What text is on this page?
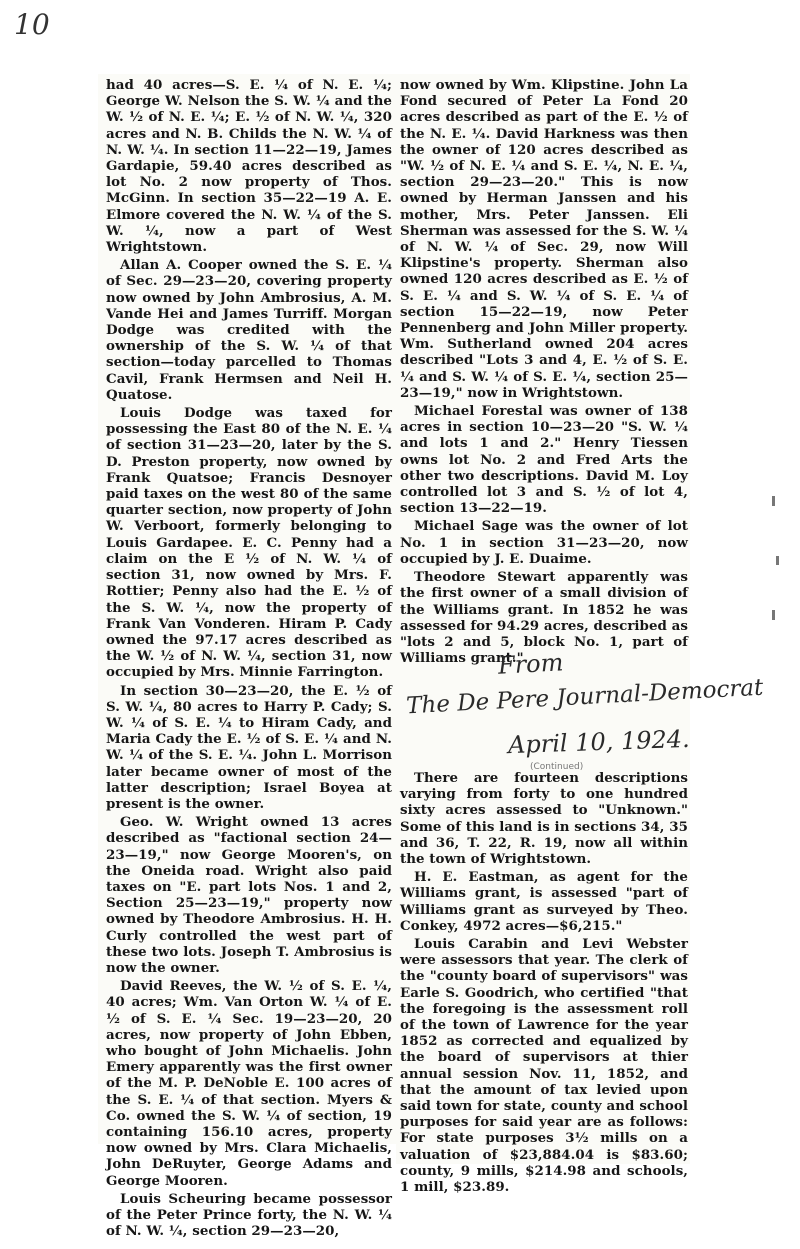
10

had 40 acres—S. E. ¼ of N. E. ¼; George W. Nelson the S. W. ¼ and the W. ½ of N. E. ¼; E. ½ of N. W. ¼, 320 acres and N. B. Childs the N. W. ¼ of N. W. ¼. In section 11—22—19, James Gardapie, 59.40 acres described as lot No. 2 now property of Thos. McGinn. In section 35—22—19 A. E. Elmore covered the N. W. ¼ of the S. W. ¼, now a part of West Wrightstown.

Allan A. Cooper owned the S. E. ¼ of Sec. 29—23—20, covering property now owned by John Ambrosius, A. M. Vande Hei and James Turriff. Morgan Dodge was credited with the ownership of the S. W. ¼ of that section—today parcelled to Thomas Cavil, Frank Hermsen and Neil H. Quatose.

Louis Dodge was taxed for possessing the East 80 of the N. E. ¼ of section 31—23—20, later by the S. D. Preston property, now owned by Frank Quatsoe; Francis Desnoyer paid taxes on the west 80 of the same quarter section, now property of John W. Verboort, formerly belonging to Louis Gardapee. E. C. Penny had a claim on the E ½ of N. W. ¼ of section 31, now owned by Mrs. F. Rottier; Penny also had the E. ½ of the S. W. ¼, now the property of Frank Van Vonderen. Hiram P. Cady owned the 97.17 acres described as the W. ½ of N. W. ¼, section 31, now occupied by Mrs. Minnie Farrington.

In section 30—23—20, the E. ½ of S. W. ¼, 80 acres to Harry P. Cady; S. W. ¼ of S. E. ¼ to Hiram Cady, and Maria Cady the E. ½ of S. E. ¼ and N. W. ¼ of the S. E. ¼. John L. Morrison later became owner of most of the latter description; Israel Boyea at present is the owner.

Geo. W. Wright owned 13 acres described as "factional section 24—23—19," now George Mooren's, on the Oneida road. Wright also paid taxes on "E. part lots Nos. 1 and 2, Section 25—23—19," property now owned by Theodore Ambrosius. H. H. Curly controlled the west part of these two lots. Joseph T. Ambrosius is now the owner.

David Reeves, the W. ½ of S. E. ¼, 40 acres; Wm. Van Orton W. ¼ of E. ½ of S. E. ¼ Sec. 19—23—20, 20 acres, now property of John Ebben, who bought of John Michaelis. John Emery apparently was the first owner of the M. P. DeNoble E. 100 acres of the S. E. ¼ of that section. Myers & Co. owned the S. W. ¼ of section, 19 containing 156.10 acres, property now owned by Mrs. Clara Michaelis, John DeRuyter, George Adams and George Mooren.

Louis Scheuring became possessor of the Peter Prince forty, the N. W. ¼ of N. W. ¼, section 29—23—20,

now owned by Wm. Klipstine. John La Fond secured of Peter La Fond 20 acres described as part of the E. ½ of the N. E. ¼. David Harkness was then the owner of 120 acres described as "W. ½ of N. E. ¼ and S. E. ¼, N. E. ¼, section 29—23—20." This is now owned by Herman Janssen and his mother, Mrs. Peter Janssen. Eli Sherman was assessed for the S. W. ¼ of N. W. ¼ of Sec. 29, now Will Klipstine's property. Sherman also owned 120 acres described as E. ½ of S. E. ¼ and S. W. ¼ of S. E. ¼ of section 15—22—19, now Peter Pennenberg and John Miller property. Wm. Sutherland owned 204 acres described "Lots 3 and 4, E. ½ of S. E. ¼ and S. W. ¼ of S. E. ¼, section 25—23—19," now in Wrightstown.

Michael Forestal was owner of 138 acres in section 10—23—20 "S. W. ¼ and lots 1 and 2." Henry Tiessen owns lot No. 2 and Fred Arts the other two descriptions. David M. Loy controlled lot 3 and S. ½ of lot 4, section 13—22—19.

Michael Sage was the owner of lot No. 1 in section 31—23—20, now occupied by J. E. Duaime.

Theodore Stewart apparently was the first owner of a small division of the Williams grant. In 1852 he was assessed for 94.29 acres, described as "lots 2 and 5, block No. 1, part of Williams grant."

From
The De Pere Journal-Democrat
April 10, 1924.
(Continued)

There are fourteen descriptions varying from forty to one hundred sixty acres assessed to "Unknown." Some of this land is in sections 34, 35 and 36, T. 22, R. 19, now all within the town of Wrightstown.

H. E. Eastman, as agent for the Williams grant, is assessed "part of Williams grant as surveyed by Theo. Conkey, 4972 acres—$6,215."

Louis Carabin and Levi Webster were assessors that year. The clerk of the "county board of supervisors" was Earle S. Goodrich, who certified "that the foregoing is the assessment roll of the town of Lawrence for the year 1852 as corrected and equalized by the board of supervisors at thier annual session Nov. 11, 1852, and that the amount of tax levied upon said town for state, county and school purposes for said year are as follows: For state purposes 3½ mills on a valuation of $23,884.04 is $83.60; county, 9 mills, $214.98 and schools, 1 mill, $23.89.
